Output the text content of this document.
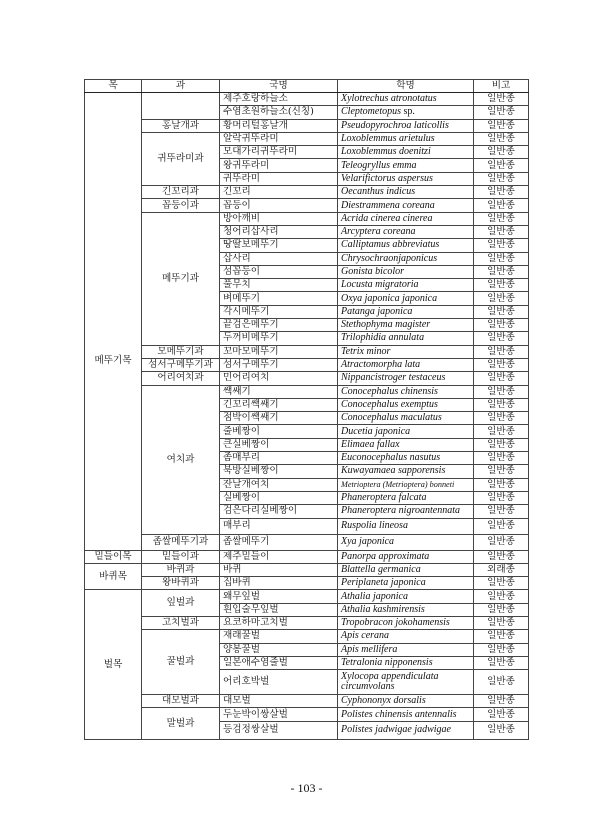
목	과	국명	학명	비고
메뚜기목		제주호랑하늘소	Xylotrechus atronotatus	일반종
		수염초원하늘소(신칭)	Cleptometopus sp.	일반종
	홍날개과	황머리털홍날개	Pseudopyrochroa laticollis	일반종
	귀뚜라미과	알락귀뚜라미	Loxoblemmus arietulus	일반종
		모대가리귀뚜라미	Loxoblemmus doenitzi	일반종
		왕귀뚜라미	Teleogryllus emma	일반종
		귀뚜라미	Velarifictorus aspersus	일반종
	긴꼬리과	긴꼬리	Oecanthus indicus	일반종
	꼽등이과	꼽등이	Diestrammena coreana	일반종
	메뚜기과	방아깨비	Acrida cinerea cinerea	일반종
		청어리삽사리	Arcyptera coreana	일반종
		땅딸보메뚜기	Calliptamus abbreviatus	일반종
		삽사리	Chrysochraonjaponicus	일반종
		섬꼽등이	Gonista bicolor	일반종
		풀무치	Locusta migratoria	일반종
		벼메뚜기	Oxya japonica japonica	일반종
		각시메뚜기	Patanga japonica	일반종
		끝검은메뚜기	Stethophyma magister	일반종
		두꺼비메뚜기	Trilophidia annulata	일반종
	모메뚜기과	꼬마모메뚜기	Tetrix minor	일반종
	섬서구메뚜기과	섬서구메뚜기	Atractomorpha lata	일반종
	어리여치과	민어리여치	Nippancistroger testaceus	일반종
	여치과	쌕쌔기	Conocephalus chinensis	일반종
		긴꼬리쌕쌔기	Conocephalus exemptus	일반종
		점박이쌕쌔기	Conocephalus maculatus	일반종
		줄베짱이	Ducetia japonica	일반종
		큰실베짱이	Elimaea fallax	일반종
		좀매부리	Euconocephalus nasutus	일반종
		북방실베짱이	Kuwayamaea sapporensis	일반종
		잔날개여치	Metrioptera (Metrioptera) bonneti	일반종
		실베짱이	Phaneroptera falcata	일반종
		검은다리실베짱이	Phaneroptera nigroantennata	일반종
		매부리	Ruspolia lineosa	일반종
	좁쌀메뚜기과	좁쌀메뚜기	Xya japonica	일반종
밑들이목	밑들이과	제주밑들이	Panorpa approximata	일반종
바퀴목	바퀴과	바퀴	Blattella germanica	외래종
	왕바퀴과	집바퀴	Periplaneta japonica	일반종
벌목	잎벌과	왜무잎벌	Athalia japonica	일반종
		흰입술무잎벌	Athalia kashmirensis	일반종
	고치벌과	요코하마고치벌	Tropobracon jokohamensis	일반종
	꿀벌과	재래꿀벌	Apis cerana	일반종
		양봉꿀벌	Apis mellifera	일반종
		일본애수염줄벌	Tetralonia nipponensis	일반종
		어리호박벌	Xylocopa appendiculata circumvolans	일반종
	대모벌과	대모벌	Cyphononyx dorsalis	일반종
	말벌과	두눈박이쌍살벌	Polistes chinensis antennalis	일반종
		등검정쌍살벌	Polistes jadwigae jadwigae	일반종
- 103 -
